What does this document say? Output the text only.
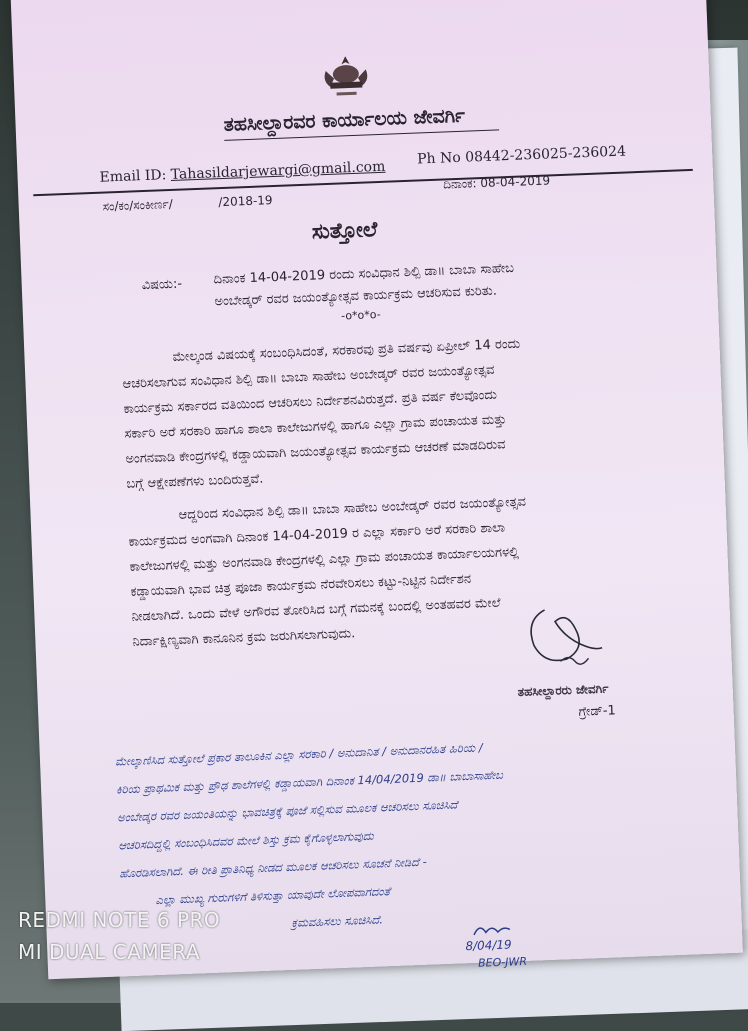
ತಹಸೀಲ್ದಾರವರ ಕಾರ್ಯಾಲಯ ಜೇವರ್ಗಿ
Email ID: Tahasildarjewargi@gmail.com
Ph No 08442-236025-236024
ಸಂ/ಕಂ/ಸಂಕೀರ್ಣ/	/2018-19
ದಿನಾಂಕ: 08-04-2019
ಸುತ್ತೋಲೆ
ವಿಷಯ:- ದಿನಾಂಕ 14-04-2019 ರಂದು ಸಂವಿಧಾನ ಶಿಲ್ಪಿ ಡಾ॥ ಬಾಬಾ ಸಾಹೇಬ
ಅಂಬೇಡ್ಕರ್ ರವರ ಜಯಂತ್ಯೋತ್ಸವ ಕಾರ್ಯಕ್ರಮ ಆಚರಿಸುವ ಕುರಿತು.
-o*o*o-
ಮೇಲ್ಕಂಡ ವಿಷಯಕ್ಕೆ ಸಂಬಂಧಿಸಿದಂತೆ, ಸರಕಾರವು ಪ್ರತಿ ವರ್ಷವು ಏಪ್ರೀಲ್ 14 ರಂದು
ಆಚರಿಸಲಾಗುವ ಸಂವಿಧಾನ ಶಿಲ್ಪಿ ಡಾ॥ ಬಾಬಾ ಸಾಹೇಬ ಅಂಬೇಡ್ಕರ್ ರವರ ಜಯಂತ್ಯೋತ್ಸವ
ಕಾರ್ಯಕ್ರಮ ಸರ್ಕಾರದ ವತಿಯಿಂದ ಆಚರಿಸಲು ನಿರ್ದೇಶನವಿರುತ್ತದೆ. ಪ್ರತಿ ವರ್ಷ ಕೆಲವೊಂದು
ಸರ್ಕಾರಿ ಅರೆ ಸರಕಾರಿ ಹಾಗೂ ಶಾಲಾ ಕಾಲೇಜುಗಳಲ್ಲಿ ಹಾಗೂ ಎಲ್ಲಾ ಗ್ರಾಮ ಪಂಚಾಯತ ಮತ್ತು
ಅಂಗನವಾಡಿ ಕೇಂದ್ರಗಳಲ್ಲಿ ಕಡ್ಡಾಯವಾಗಿ ಜಯಂತ್ಯೋತ್ಸವ ಕಾರ್ಯಕ್ರಮ ಆಚರಣೆ ಮಾಡದಿರುವ
ಬಗ್ಗೆ ಆಕ್ಷೇಪಣೆಗಳು ಬಂದಿರುತ್ತವೆ.
ಆದ್ದರಿಂದ ಸಂವಿಧಾನ ಶಿಲ್ಪಿ ಡಾ॥ ಬಾಬಾ ಸಾಹೇಬ ಅಂಬೇಡ್ಕರ್ ರವರ ಜಯಂತ್ಯೋತ್ಸವ
ಕಾರ್ಯಕ್ರಮದ ಅಂಗವಾಗಿ ದಿನಾಂಕ 14-04-2019 ರ ಎಲ್ಲಾ ಸರ್ಕಾರಿ ಅರೆ ಸರಕಾರಿ ಶಾಲಾ
ಕಾಲೇಜುಗಳಲ್ಲಿ ಮತ್ತು ಅಂಗನವಾಡಿ ಕೇಂದ್ರಗಳಲ್ಲಿ ಎಲ್ಲಾ ಗ್ರಾಮ ಪಂಚಾಯತ ಕಾರ್ಯಾಲಯಗಳಲ್ಲಿ
ಕಡ್ಡಾಯವಾಗಿ ಭಾವ ಚಿತ್ರ ಪೂಜಾ ಕಾರ್ಯಕ್ರಮ ನೆರವೇರಿಸಲು ಕಟ್ಟು-ನಿಟ್ಟಿನ ನಿರ್ದೇಶನ
ನೀಡಲಾಗಿದೆ. ಒಂದು ವೇಳೆ ಅಗೌರವ ತೋರಿಸಿದ ಬಗ್ಗೆ ಗಮನಕ್ಕೆ ಬಂದಲ್ಲಿ ಅಂತಹವರ ಮೇಲೆ
ನಿರ್ದಾಕ್ಷಿಣ್ಯವಾಗಿ ಕಾನೂನಿನ ಕ್ರಮ ಜರುಗಿಸಲಾಗುವುದು.
ತಹಸೀಲ್ದಾರರು ಜೇವರ್ಗಿ
ಗ್ರೇಡ್-1
ಮೇಲ್ಕಾಣಿಸಿದ ಸುತ್ತೋಲೆ ಪ್ರಕಾರ ತಾಲೂಕಿನ ಎಲ್ಲಾ ಸರಕಾರಿ / ಅನುದಾನಿತ / ಅನುದಾನರಹಿತ ಹಿರಿಯ /
ಕಿರಿಯ ಪ್ರಾಥಮಿಕ ಮತ್ತು ಪ್ರೌಢ ಶಾಲೆಗಳಲ್ಲಿ ಕಡ್ಡಾಯವಾಗಿ ದಿನಾಂಕ 14/04/2019 ಡಾ॥ ಬಾಬಾಸಾಹೇಬ
ಅಂಬೇಡ್ಕರ ರವರ ಜಯಂತಿಯನ್ನು ಭಾವಚಿತ್ರಕ್ಕೆ ಪೂಜೆ ಸಲ್ಲಿಸುವ ಮೂಲಕ ಆಚರಿಸಲು ಸೂಚಿಸಿದೆ
ಆಚರಿಸದಿದ್ದಲ್ಲಿ ಸಂಬಂಧಿಸಿದವರ ಮೇಲೆ ಶಿಸ್ತು ಕ್ರಮ ಕೈಗೊಳ್ಳಲಾಗುವುದು
ಹೊರಡಿಸಲಾಗಿದೆ. ಈ ರೀತಿ ಪ್ರಾತಿನಿಧ್ಯ ನೀಡದ ಮೂಲಕ ಆಚರಿಸಲು ಸೂಚನೆ ನೀಡಿದೆ -
ಎಲ್ಲಾ ಮುಖ್ಯ ಗುರುಗಳಿಗೆ ತಿಳಿಸುತ್ತಾ ಯಾವುದೇ ಲೋಪವಾಗದಂತೆ
ಕ್ರಮವಹಿಸಲು ಸೂಚಿಸಿದೆ.
8/04/19
BEO-JWR
REDMI NOTE 6 PRO
MI DUAL CAMERA
